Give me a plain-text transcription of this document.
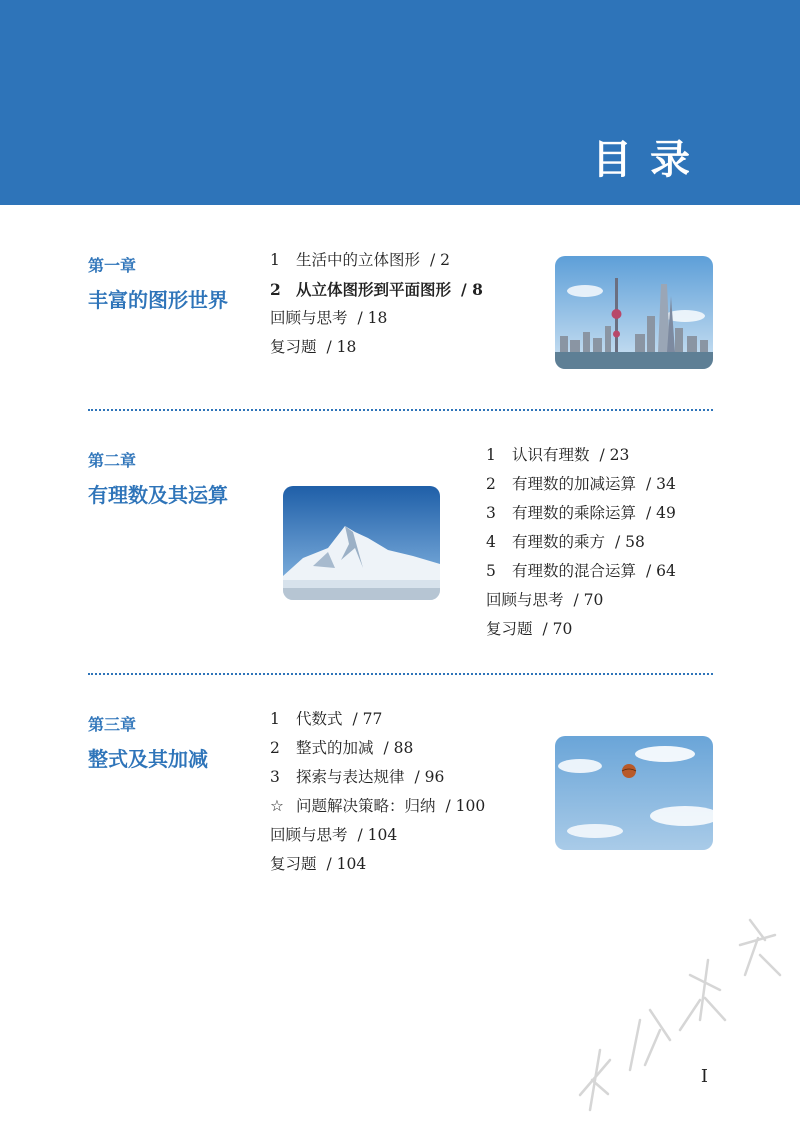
目录
第一章
丰富的图形世界
1 生活中的立体图形 / 2
2 从立体图形到平面图形 / 8
回顾与思考 / 18
复习题 / 18
第二章
有理数及其运算
1 认识有理数 / 23
2 有理数的加减运算 / 34
3 有理数的乘除运算 / 49
4 有理数的乘方 / 58
5 有理数的混合运算 / 64
回顾与思考 / 70
复习题 / 70
第三章
整式及其加减
1 代数式 / 77
2 整式的加减 / 88
3 探索与表达规律 / 96
☆ 问题解决策略：归纳 / 100
回顾与思考 / 104
复习题 / 104
I
